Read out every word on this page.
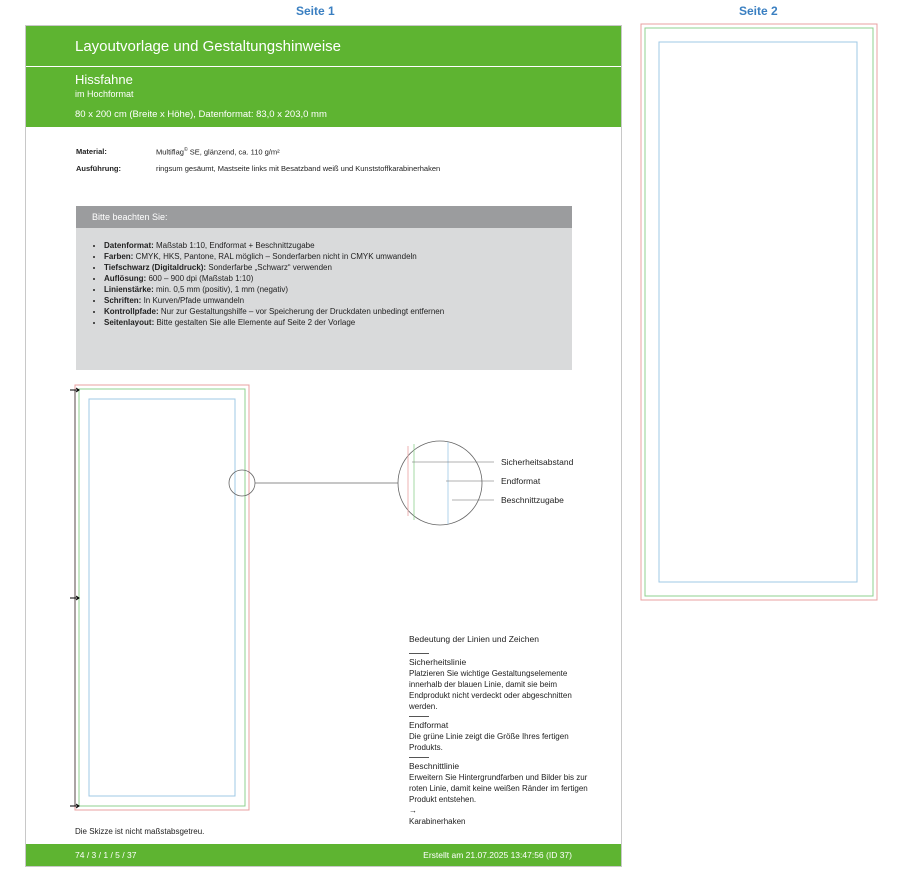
Seite 1	Seite 2
Layoutvorlage und Gestaltungshinweise
Hissfahne
im Hochformat
80 x 200 cm (Breite x Höhe), Datenformat: 83,0 x 203,0 mm
Material:	Multiflag© SE, glänzend, ca. 110 g/m²
Ausführung:	ringsum gesäumt, Mastseite links mit Besatzband weiß und Kunststoffkarabinerhaken
Bitte beachten Sie:
• Datenformat: Maßstab 1:10, Endformat + Beschnittzugabe
• Farben: CMYK, HKS, Pantone, RAL möglich – Sonderfarben nicht in CMYK umwandeln
• Tiefschwarz (Digitaldruck): Sonderfarbe „Schwarz“ verwenden
• Auflösung: 600 – 900 dpi (Maßstab 1:10)
• Linienstärke: min. 0,5 mm (positiv), 1 mm (negativ)
• Schriften: In Kurven/Pfade umwandeln
• Kontrollpfade: Nur zur Gestaltungshilfe – vor Speicherung der Druckdaten unbedingt entfernen
• Seitenlayout: Bitte gestalten Sie alle Elemente auf Seite 2 der Vorlage
Die Skizze ist nicht maßstabsgetreu.
Bedeutung der Linien und Zeichen
Sicherheitslinie
Platzieren Sie wichtige Gestaltungselemente innerhalb der blauen Linie, damit sie beim Endprodukt nicht verdeckt oder abgeschnitten werden.
Endformat
Die grüne Linie zeigt die Größe Ihres fertigen Produkts.
Beschnittlinie
Erweitern Sie Hintergrundfarben und Bilder bis zur roten Linie, damit keine weißen Ränder im fertigen Produkt entstehen.
→
Karabinerhaken
74 / 3 / 1 / 5 / 37	Erstellt am 21.07.2025 13:47:56 (ID 37)
Sicherheitsabstand
Endformat
Beschnittzugabe
